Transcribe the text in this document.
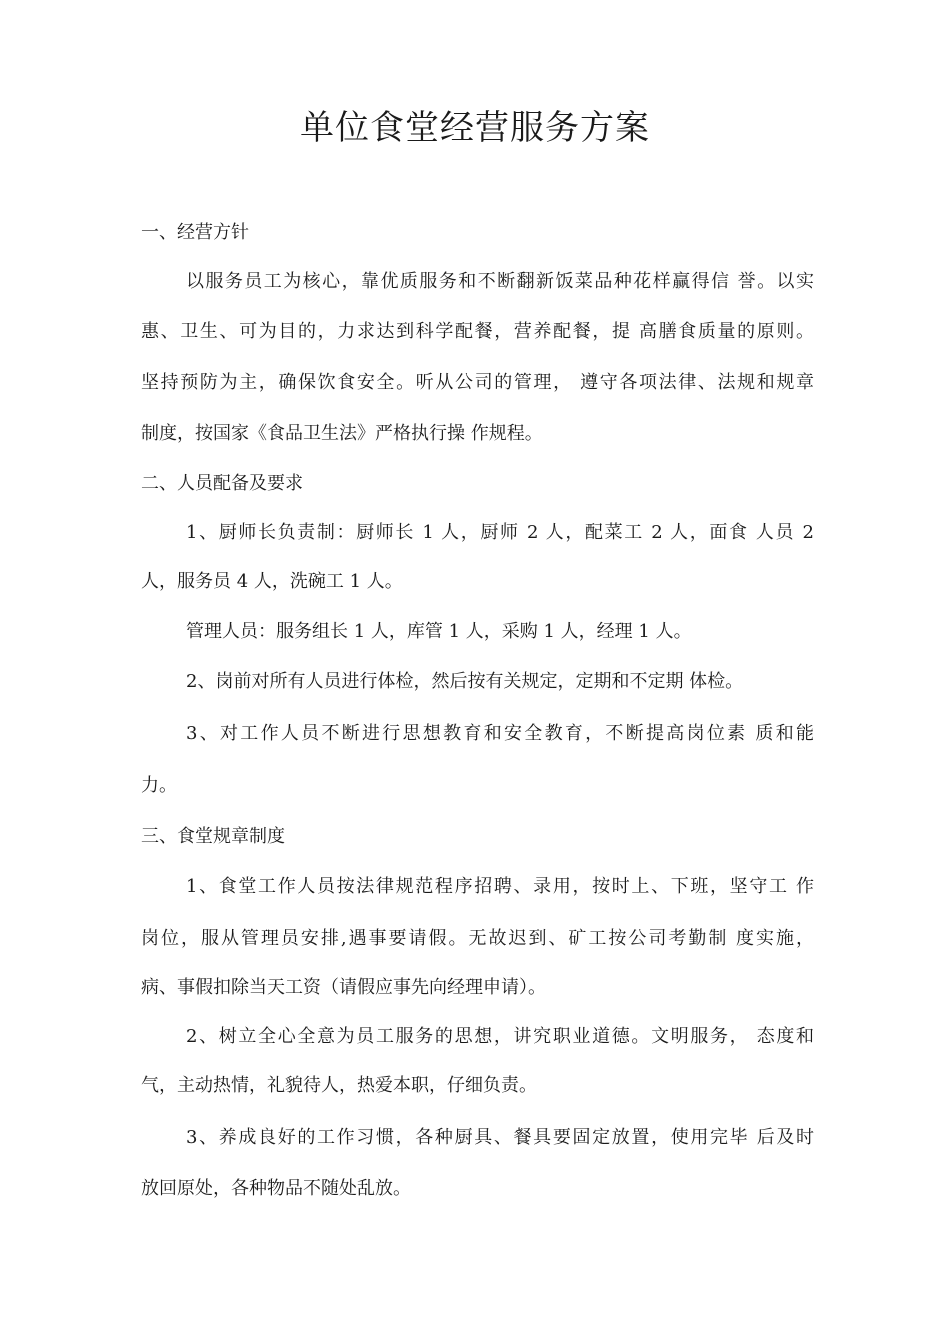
单位食堂经营服务方案
一、经营方针
以服务员工为核心，靠优质服务和不断翻新饭菜品种花样赢得信 誉。以实
惠、卫生、可为目的，力求达到科学配餐，营养配餐，提 高膳食质量的原则。
坚持预防为主，确保饮食安全。听从公司的管理， 遵守各项法律、法规和规章
制度，按国家《食品卫生法》严格执行操 作规程。
二、人员配备及要求
1、厨师长负责制：厨师长 1 人，厨师 2 人，配菜工 2 人，面食 人员 2
人，服务员 4 人，洗碗工 1 人。
管理人员：服务组长 1 人，库管 1 人，采购 1 人，经理 1 人。
2、岗前对所有人员进行体检，然后按有关规定，定期和不定期 体检。
3、对工作人员不断进行思想教育和安全教育，不断提高岗位素 质和能
力。
三、食堂规章制度
1、食堂工作人员按法律规范程序招聘、录用，按时上、下班，坚守工 作
岗位，服从管理员安排,遇事要请假。无故迟到、矿工按公司考勤制 度实施，
病、事假扣除当天工资（请假应事先向经理申请）。
2、树立全心全意为员工服务的思想，讲究职业道德。文明服务， 态度和
气，主动热情，礼貌待人，热爱本职，仔细负责。
3、养成良好的工作习惯，各种厨具、餐具要固定放置，使用完毕 后及时
放回原处，各种物品不随处乱放。
